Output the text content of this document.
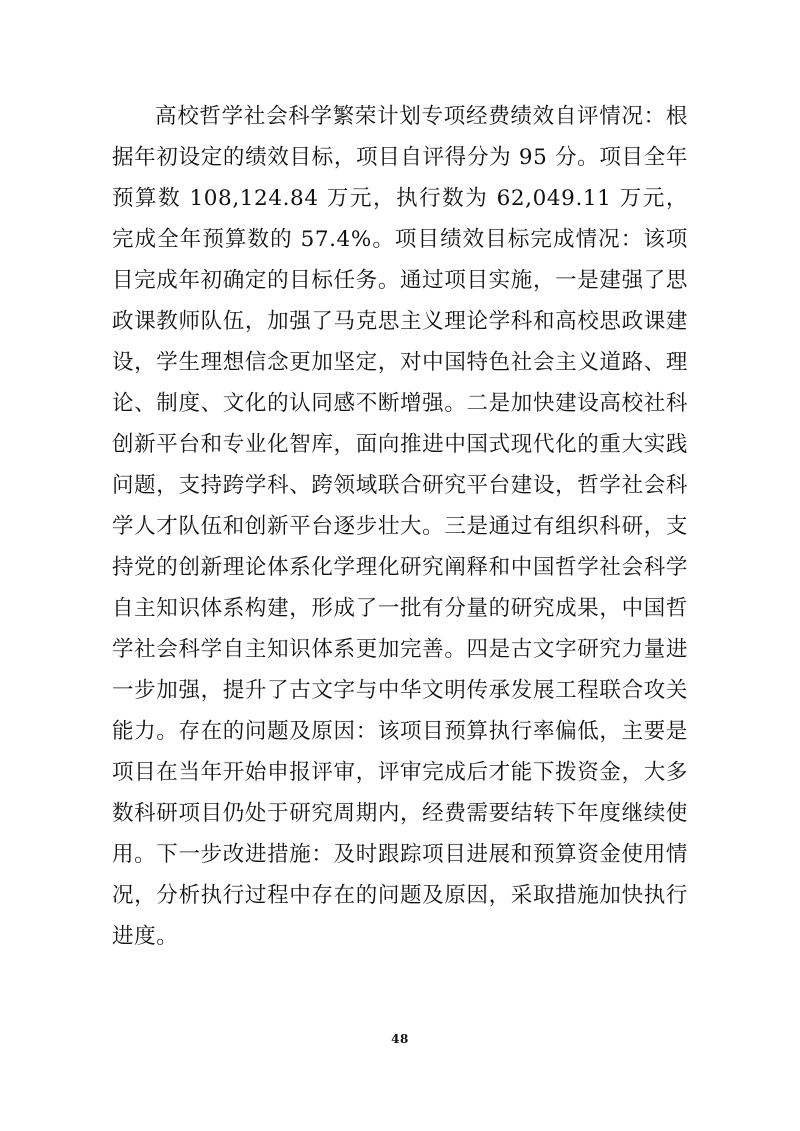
高校哲学社会科学繁荣计划专项经费绩效自评情况：根据年初设定的绩效目标，项目自评得分为 95 分。项目全年预算数 108,124.84 万元，执行数为 62,049.11 万元，完成全年预算数的 57.4%。项目绩效目标完成情况：该项目完成年初确定的目标任务。通过项目实施，一是建强了思政课教师队伍，加强了马克思主义理论学科和高校思政课建设，学生理想信念更加坚定，对中国特色社会主义道路、理论、制度、文化的认同感不断增强。二是加快建设高校社科创新平台和专业化智库，面向推进中国式现代化的重大实践问题，支持跨学科、跨领域联合研究平台建设，哲学社会科学人才队伍和创新平台逐步壮大。三是通过有组织科研，支持党的创新理论体系化学理化研究阐释和中国哲学社会科学自主知识体系构建，形成了一批有分量的研究成果，中国哲学社会科学自主知识体系更加完善。四是古文字研究力量进一步加强，提升了古文字与中华文明传承发展工程联合攻关能力。存在的问题及原因：该项目预算执行率偏低，主要是项目在当年开始申报评审，评审完成后才能下拨资金，大多数科研项目仍处于研究周期内，经费需要结转下年度继续使用。下一步改进措施：及时跟踪项目进展和预算资金使用情况，分析执行过程中存在的问题及原因，采取措施加快执行进度。

48
